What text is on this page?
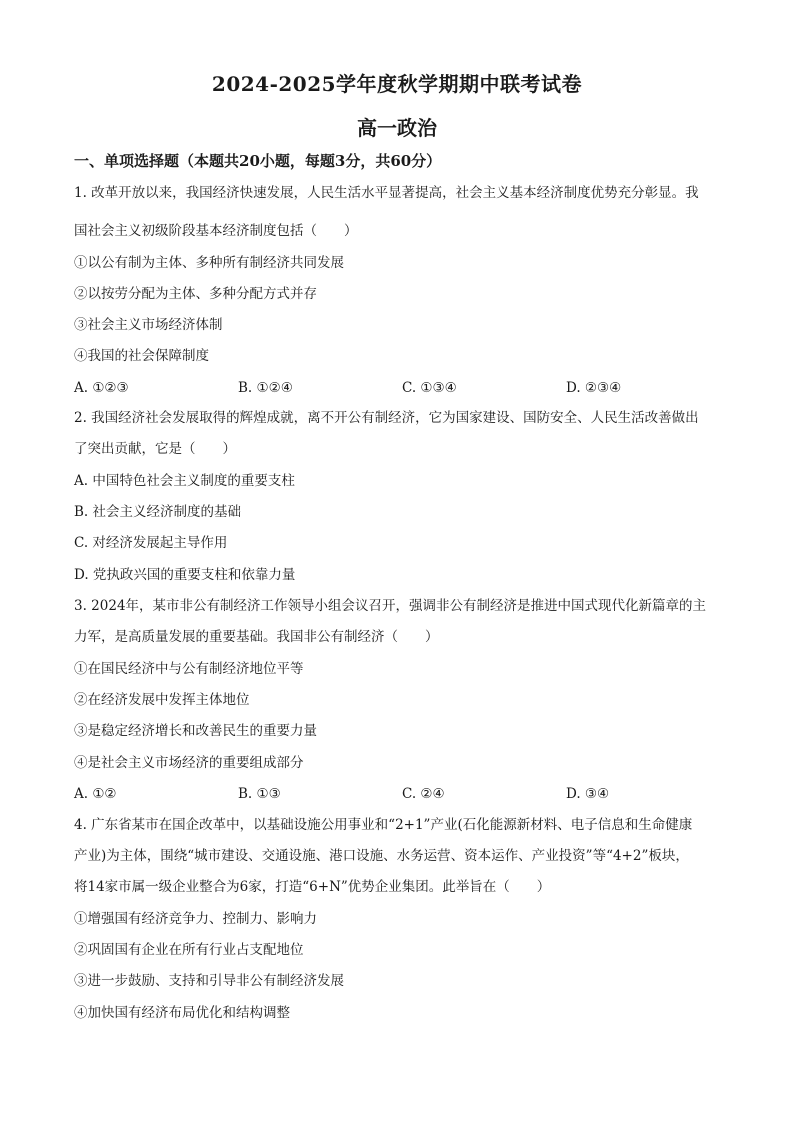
2024-2025学年度秋学期期中联考试卷
高一政治

一、单项选择题（本题共20小题，每题3分，共60分）

1. 改革开放以来，我国经济快速发展，人民生活水平显著提高，社会主义基本经济制度优势充分彰显。我

国社会主义初级阶段基本经济制度包括（　　）

①以公有制为主体、多种所有制经济共同发展

②以按劳分配为主体、多种分配方式并存

③社会主义市场经济体制

④我国的社会保障制度

A. ①②③	B. ①②④	C. ①③④	D. ②③④

2. 我国经济社会发展取得的辉煌成就，离不开公有制经济，它为国家建设、国防安全、人民生活改善做出

了突出贡献，它是（　　）

A. 中国特色社会主义制度的重要支柱

B. 社会主义经济制度的基础

C. 对经济发展起主导作用

D. 党执政兴国的重要支柱和依靠力量

3. 2024年，某市非公有制经济工作领导小组会议召开，强调非公有制经济是推进中国式现代化新篇章的主

力军，是高质量发展的重要基础。我国非公有制经济（　　）

①在国民经济中与公有制经济地位平等

②在经济发展中发挥主体地位

③是稳定经济增长和改善民生的重要力量

④是社会主义市场经济的重要组成部分

A. ①②	B. ①③	C. ②④	D. ③④

4. 广东省某市在国企改革中，以基础设施公用事业和“2+1”产业(石化能源新材料、电子信息和生命健康

产业)为主体，围绕“城市建设、交通设施、港口设施、水务运营、资本运作、产业投资”等“4+2”板块，

将14家市属一级企业整合为6家，打造“6+N”优势企业集团。此举旨在（　　）

①增强国有经济竞争力、控制力、影响力

②巩固国有企业在所有行业占支配地位

③进一步鼓励、支持和引导非公有制经济发展

④加快国有经济布局优化和结构调整
